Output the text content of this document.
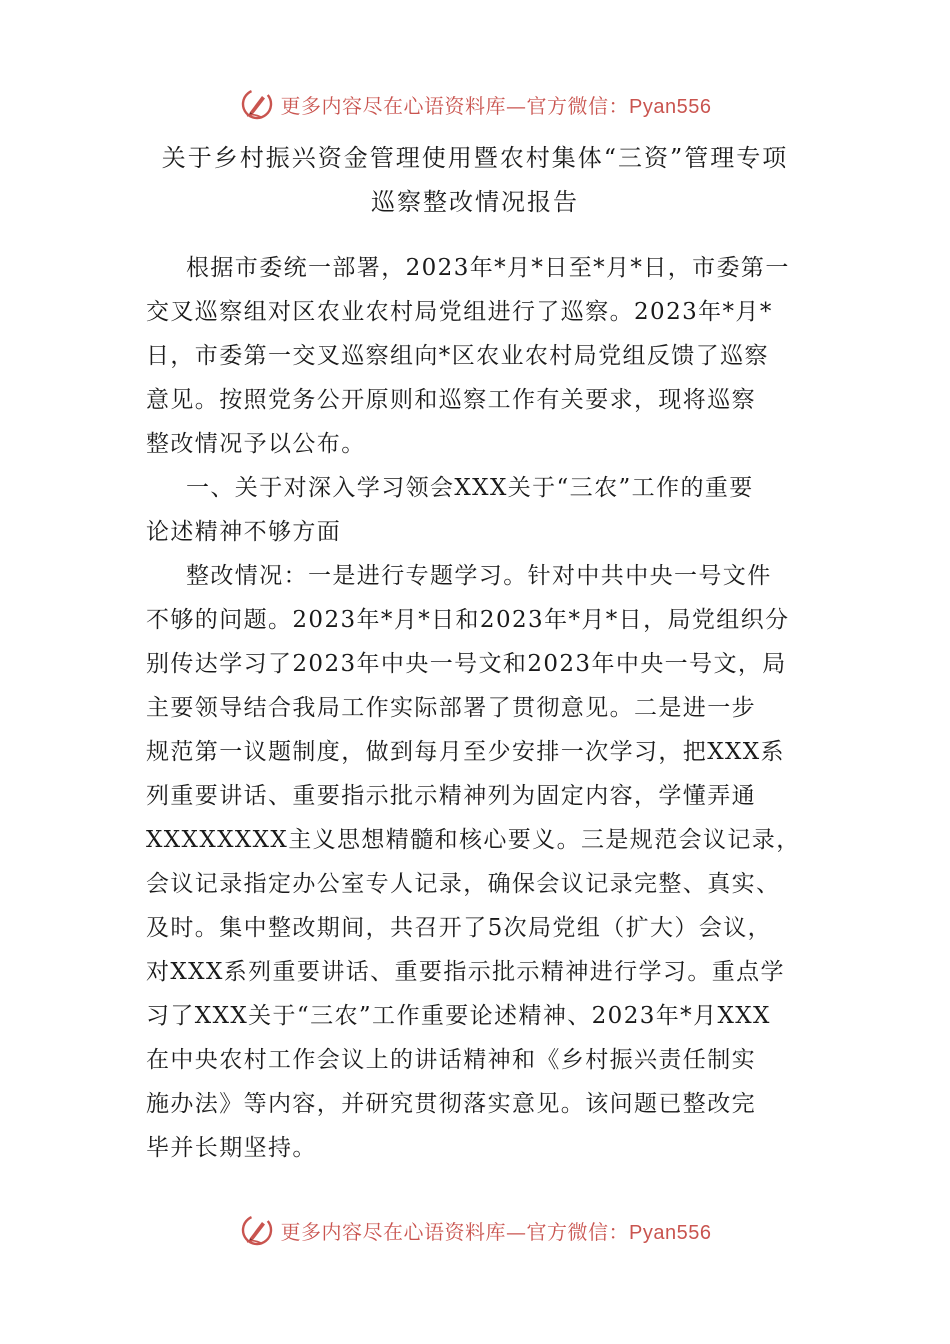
更多内容尽在心语资料库—官方微信：Pyan556
关于乡村振兴资金管理使用暨农村集体“三资”管理专项
巡察整改情况报告
根据市委统一部署，2023年*月*日至*月*日，市委第一
交叉巡察组对区农业农村局党组进行了巡察。2023年*月*
日，市委第一交叉巡察组向*区农业农村局党组反馈了巡察
意见。按照党务公开原则和巡察工作有关要求，现将巡察
整改情况予以公布。
一、关于对深入学习领会XXX关于“三农”工作的重要
论述精神不够方面
整改情况：一是进行专题学习。针对中共中央一号文件
不够的问题。2023年*月*日和2023年*月*日，局党组织分
别传达学习了2023年中央一号文和2023年中央一号文，局
主要领导结合我局工作实际部署了贯彻意见。二是进一步
规范第一议题制度，做到每月至少安排一次学习，把XXX系
列重要讲话、重要指示批示精神列为固定内容，学懂弄通
XXXXXXXX主义思想精髓和核心要义。三是规范会议记录，
会议记录指定办公室专人记录，确保会议记录完整、真实、
及时。集中整改期间，共召开了5次局党组（扩大）会议，
对XXX系列重要讲话、重要指示批示精神进行学习。重点学
习了XXX关于“三农”工作重要论述精神、2023年*月XXX
在中央农村工作会议上的讲话精神和《乡村振兴责任制实
施办法》等内容，并研究贯彻落实意见。该问题已整改完
毕并长期坚持。
更多内容尽在心语资料库—官方微信：Pyan556
